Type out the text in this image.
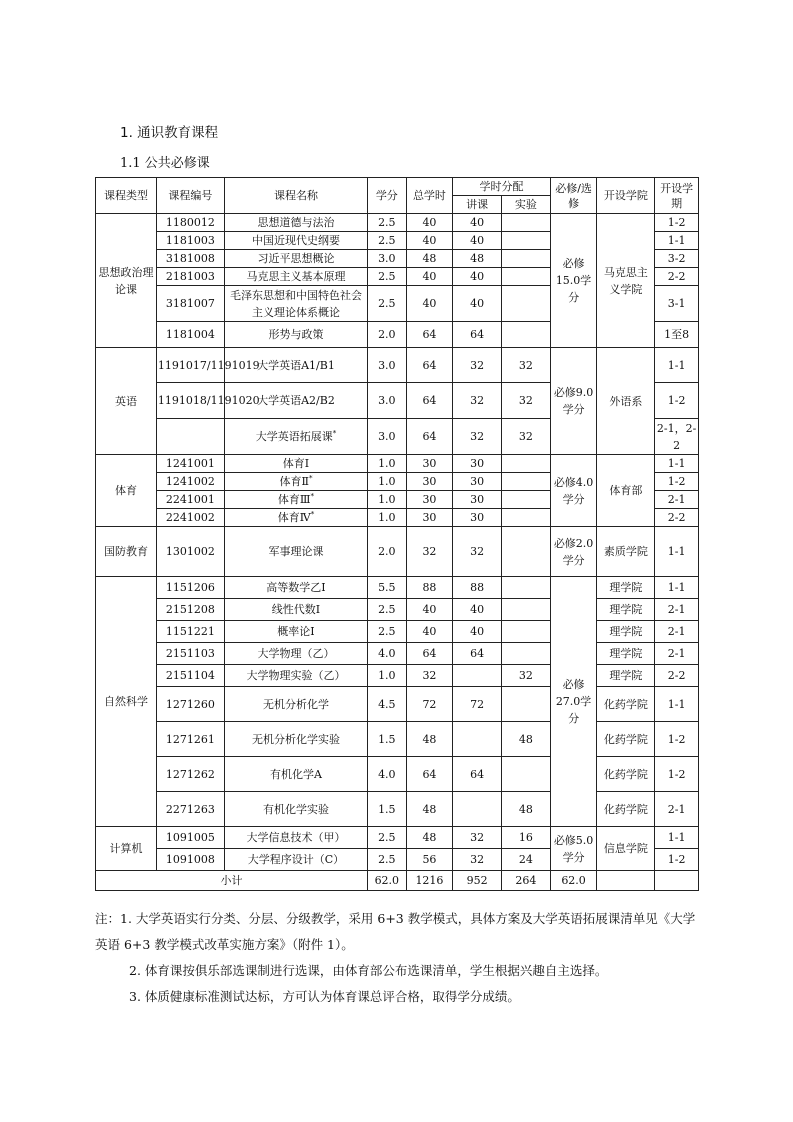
1. 通识教育课程
1.1 公共必修课
课程类型	课程编号	课程名称	学分	总学时	学时分配		必修/选修	开设学院	开设学期
					讲课	实验			
思想政治理论课	1180012	思想道德与法治	2.5	40	40		必修15.0学分	马克思主义学院	1-2
	1181003	中国近现代史纲要	2.5	40	40				1-1
	3181008	习近平思想概论	3.0	48	48				3-2
	2181003	马克思主义基本原理	2.5	40	40				2-2
	3181007	毛泽东思想和中国特色社会主义理论体系概论	2.5	40	40				3-1
	1181004	形势与政策	2.0	64	64				1至8
英语	1191017/1191019	大学英语A1/B1	3.0	64	32	32	必修9.0学分	外语系	1-1
	1191018/1191020	大学英语A2/B2	3.0	64	32	32			1-2
		大学英语拓展课*	3.0	64	32	32			2-1，2-2
体育	1241001	体育Ⅰ	1.0	30	30		必修4.0学分	体育部	1-1
	1241002	体育Ⅱ*	1.0	30	30				1-2
	2241001	体育Ⅲ*	1.0	30	30				2-1
	2241002	体育Ⅳ*	1.0	30	30				2-2
国防教育	1301002	军事理论课	2.0	32	32		必修2.0学分	素质学院	1-1
自然科学	1151206	高等数学乙Ⅰ	5.5	88	88		必修27.0学分	理学院	1-1
	2151208	线性代数Ⅰ	2.5	40	40			理学院	2-1
	1151221	概率论Ⅰ	2.5	40	40			理学院	2-1
	2151103	大学物理（乙）	4.0	64	64			理学院	2-1
	2151104	大学物理实验（乙）	1.0	32		32		理学院	2-2
	1271260	无机分析化学	4.5	72	72			化药学院	1-1
	1271261	无机分析化学实验	1.5	48		48		化药学院	1-2
	1271262	有机化学A	4.0	64	64			化药学院	1-2
	2271263	有机化学实验	1.5	48		48		化药学院	2-1
计算机	1091005	大学信息技术（甲）	2.5	48	32	16	必修5.0学分	信息学院	1-1
	1091008	大学程序设计（C）	2.5	56	32	24			1-2
小计			62.0	1216	952	264	62.0		

注：1. 大学英语实行分类、分层、分级教学，采用 6+3 教学模式，具体方案及大学英语拓展课清单见《大学英语 6+3 教学模式改革实施方案》（附件 1）。

2. 体育课按俱乐部选课制进行选课，由体育部公布选课清单，学生根据兴趣自主选择。

3. 体质健康标准测试达标，方可认为体育课总评合格，取得学分成绩。
